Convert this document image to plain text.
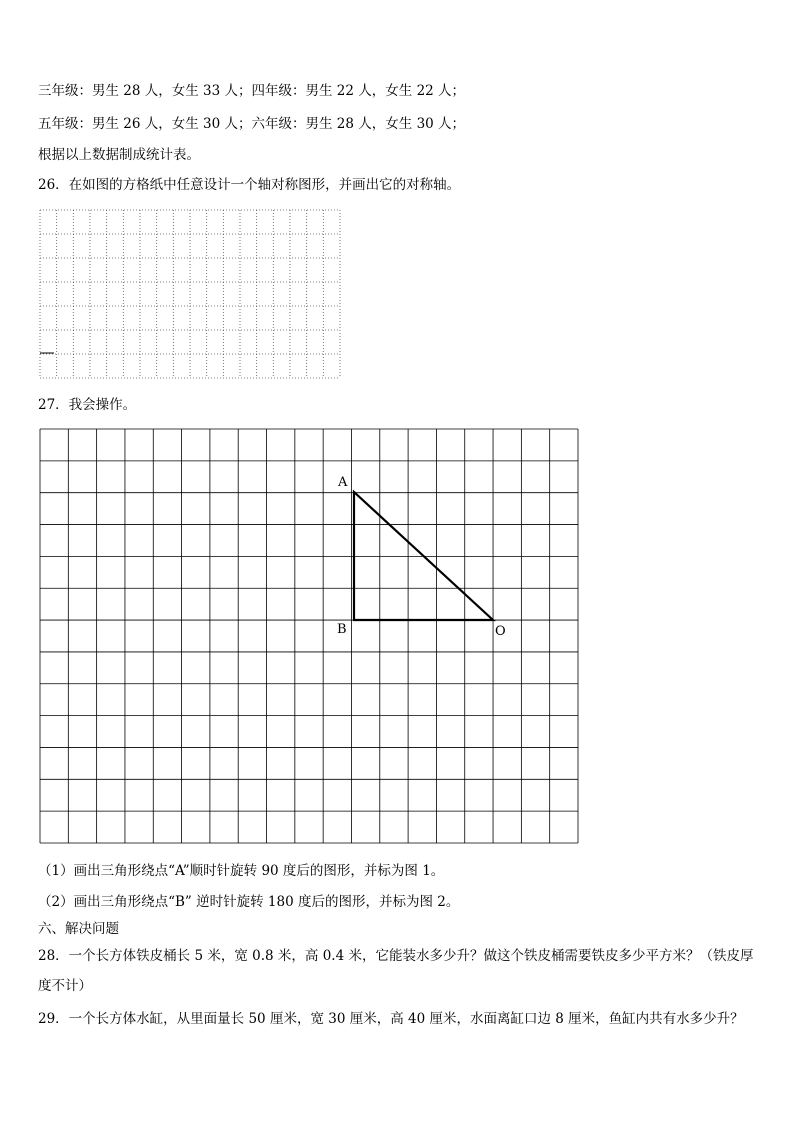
三年级：男生 28 人，女生 33 人；四年级：男生 22 人，女生 22 人；
五年级：男生 26 人，女生 30 人；六年级：男生 28 人，女生 30 人；
根据以上数据制成统计表。
26．在如图的方格纸中任意设计一个轴对称图形，并画出它的对称轴。
27．我会操作。
A
B	O
（1）画出三角形绕点“A”顺时针旋转 90 度后的图形，并标为图 1。
（2）画出三角形绕点“B” 逆时针旋转 180 度后的图形，并标为图 2。
六、解决问题
28．一个长方体铁皮桶长 5 米，宽 0.8 米，高 0.4 米，它能装水多少升？做这个铁皮桶需要铁皮多少平方米？（铁皮厚度不计）
29．一个长方体水缸，从里面量长 50 厘米，宽 30 厘米，高 40 厘米，水面离缸口边 8 厘米，鱼缸内共有水多少升？
